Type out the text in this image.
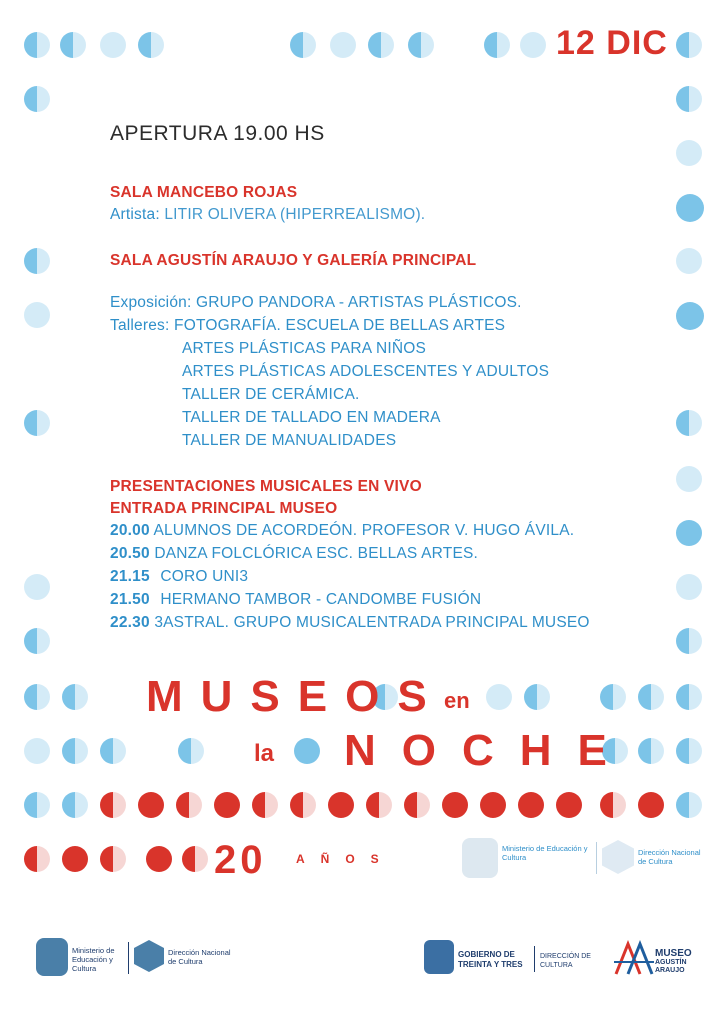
12 DIC
APERTURA 19.00 HS
SALA MANCEBO ROJAS
Artista: LITIR OLIVERA (HIPERREALISMO).
SALA AGUSTÍN ARAUJO Y GALERÍA PRINCIPAL
Exposición: GRUPO PANDORA - ARTISTAS PLÁSTICOS.
Talleres: FOTOGRAFÍA. ESCUELA DE BELLAS ARTES
ARTES PLÁSTICAS PARA NIÑOS
ARTES PLÁSTICAS ADOLESCENTES Y ADULTOS
TALLER DE CERÁMICA.
TALLER DE TALLADO EN MADERA
TALLER DE MANUALIDADES
PRESENTACIONES MUSICALES EN VIVO
ENTRADA PRINCIPAL MUSEO
20.00 ALUMNOS DE ACORDEÓN. PROFESOR V. HUGO ÁVILA.
20.50 DANZA FOLCLÓRICA ESC. BELLAS ARTES.
21.15 CORO UNI3
21.50 HERMANO TAMBOR - CANDOMBE FUSIÓN
22.30 3ASTRAL. GRUPO MUSICALENTRADA PRINCIPAL MUSEO
MUSEOS en
la NOCHE
20 AÑOS
Ministerio de Educación y Cultura
Dirección Nacional de Cultura
Ministerio de Educación y Cultura
Dirección Nacional de Cultura
GOBIERNO DE
TREINTA Y TRES
DIRECCIÓN DE
CULTURA
MUSEO
AGUSTÍN
ARAUJO
